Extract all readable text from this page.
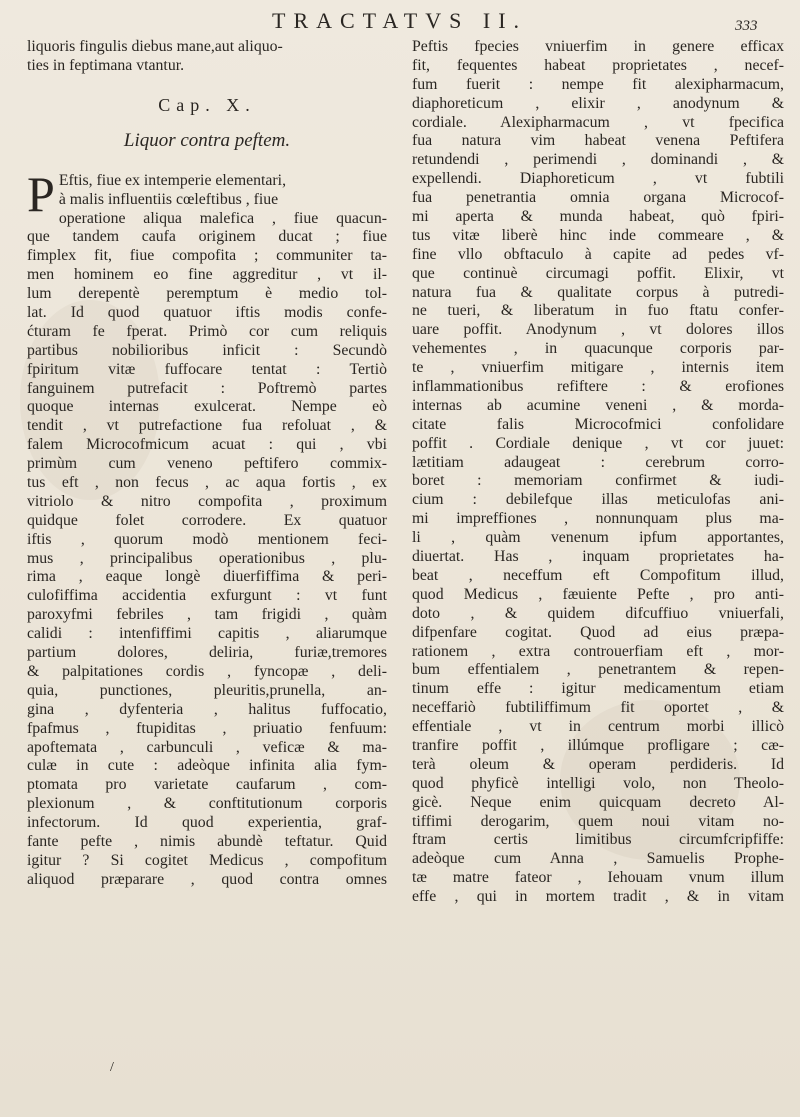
TRACTATVS II.	333
liquoris fingulis diebus mane,aut aliquo-
ties in feptimana vtantur.
Cap. X.
Liquor contra peftem.
P Eftis, fiue ex intemperie elementari,
à malis influentiis cœleftibus , fiue
operatione aliqua malefica , fiue quacun-
que tandem caufa originem ducat ; fiue
fimplex fit, fiue compofita ; communiter ta-
men hominem eo fine aggreditur , vt il-
lum derepentè peremptum è medio tol-
lat. Id quod quatuor iftis modis confe-
ćturam fe fperat. Primò cor cum reliquis
partibus nobilioribus inficit : Secundò
fpiritum vitæ fuffocare tentat : Tertiò
fanguinem putrefacit : Poftremò partes
quoque internas exulcerat. Nempe eò
tendit , vt putrefactione fua refoluat , &
falem Microcofmicum acuat : qui , vbi
primùm cum veneno peftifero commix-
tus eft , non fecus , ac aqua fortis , ex
vitriolo & nitro compofita , proximum
quidque folet corrodere. Ex quatuor
iftis , quorum modò mentionem feci-
mus , principalibus operationibus , plu-
rima , eaque longè diuerfiffima & peri-
culofiffima accidentia exfurgunt : vt funt
paroxyfmi febriles , tam frigidi , quàm
calidi : intenfiffimi capitis , aliarumque
partium dolores, deliria, furiæ,tremores
& palpitationes cordis , fyncopæ , deli-
quia, punctiones, pleuritis,prunella, an-
gina , dyfenteria , halitus fuffocatio,
fpafmus , ftupiditas , priuatio fenfuum:
apoftemata , carbunculi , veficæ & ma-
culæ in cute : adeòque infinita alia fym-
ptomata pro varietate caufarum , com-
plexionum , & conftitutionum corporis
infectorum. Id quod experientia, graf-
fante pefte , nimis abundè teftatur. Quid
igitur ? Si cogitet Medicus , compofitum
aliquod præparare , quod contra omnes
Peftis fpecies vniuerfim in genere efficax
fit, fequentes habeat proprietates , necef-
fum fuerit : nempe fit alexipharmacum,
diaphoreticum , elixir , anodynum &
cordiale. Alexipharmacum , vt fpecifica
fua natura vim habeat venena Peftifera
retundendi , perimendi , dominandi , &
expellendi. Diaphoreticum , vt fubtili
fua penetrantia omnia organa Microcof-
mi aperta & munda habeat, quò fpiri-
tus vitæ liberè hinc inde commeare , &
fine vllo obftaculo à capite ad pedes vf-
que continuè circumagi poffit. Elixir, vt
natura fua & qualitate corpus à putredi-
ne tueri, & liberatum in fuo ftatu confer-
uare poffit. Anodynum , vt dolores illos
vehementes , in quacunque corporis par-
te , vniuerfim mitigare , internis item
inflammationibus refiftere : & erofiones
internas ab acumine veneni , & morda-
citate falis Microcofmici confolidare
poffit . Cordiale denique , vt cor juuet:
lætitiam adaugeat : cerebrum corro-
boret : memoriam confirmet & iudi-
cium : debilefque illas meticulofas ani-
mi impreffiones , nonnunquam plus ma-
li , quàm venenum ipfum apportantes,
diuertat. Has , inquam proprietates ha-
beat , neceffum eft Compofitum illud,
quod Medicus , fæuiente Pefte , pro anti-
doto , & quidem difcuffiuo vniuerfali,
difpenfare cogitat. Quod ad eius præpa-
rationem , extra controuerfiam eft , mor-
bum effentialem , penetrantem & repen-
tinum effe : igitur medicamentum etiam
neceffariò fubtiliffimum fit oportet , &
effentiale , vt in centrum morbi illicò
tranfire poffit , illúmque profligare ; cæ-
terà oleum & operam perdideris. Id
quod phyficè intelligi volo, non Theolo-
gicè. Neque enim quicquam decreto Al-
tiffimi derogarim, quem noui vitam no-
ftram certis limitibus circumfcripfiffe:
adeòque cum Anna , Samuelis Prophe-
tæ matre fateor , Iehouam vnum illum
effe , qui in mortem tradit , & in vitam
/
